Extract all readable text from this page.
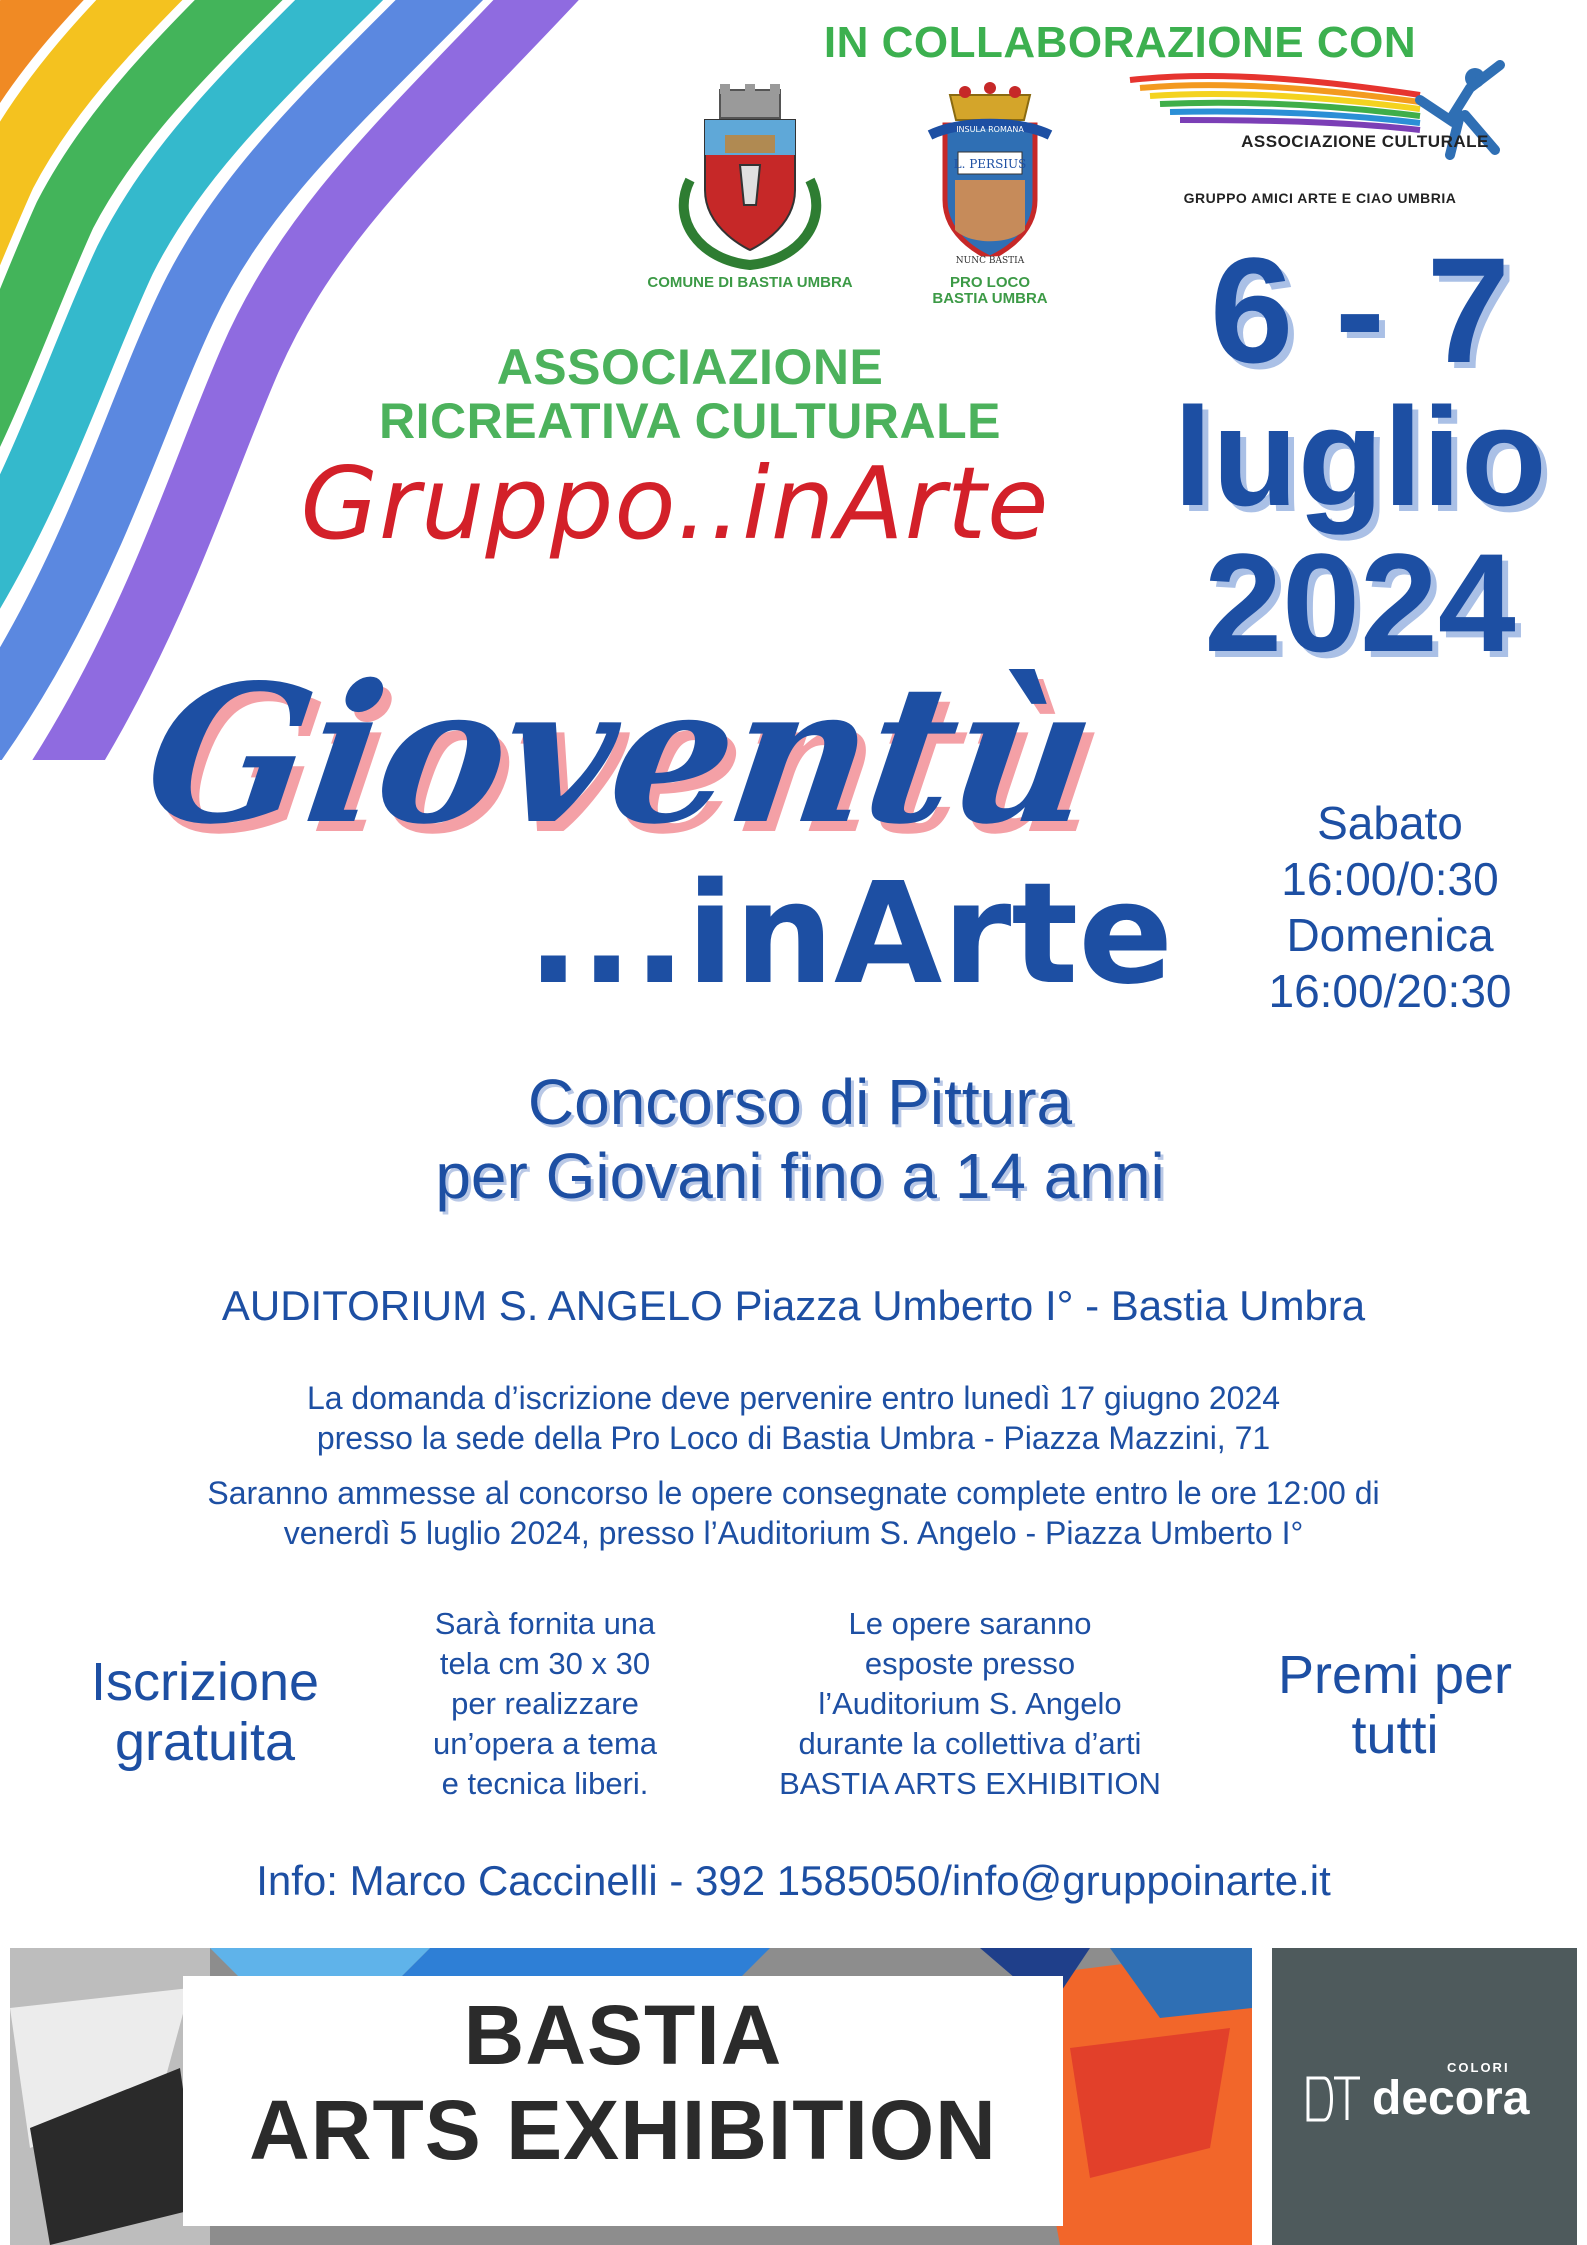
IN COLLABORAZIONE CON
COMUNE DI BASTIA UMBRA
L. PERSIUS
INSULA ROMANA
NUNC BASTIA
PRO LOCO
BASTIA UMBRA
ASSOCIAZIONE CULTURALE
GRUPPO AMICI ARTE E CIAO UMBRIA
6 - 7
luglio
2024
ASSOCIAZIONE
RICREATIVA CULTURALE
Gruppo..inArte
Gioventù
...inArte
Sabato
16:00/0:30
Domenica
16:00/20:30
Concorso di Pittura
per Giovani fino a 14 anni
AUDITORIUM S. ANGELO Piazza Umberto I° - Bastia Umbra
La domanda d’iscrizione deve pervenire entro lunedì 17 giugno 2024
presso la sede della Pro Loco di Bastia Umbra - Piazza Mazzini, 71
Saranno ammesse al concorso le opere consegnate complete entro le ore 12:00 di
venerdì 5 luglio 2024, presso l’Auditorium S. Angelo - Piazza Umberto I°
Iscrizione
gratuita
Sarà fornita una
tela cm 30 x 30
per realizzare
un’opera a tema
e tecnica liberi.
Le opere saranno
esposte presso
l’Auditorium S. Angelo
durante la collettiva d’arti
BASTIA ARTS EXHIBITION
Premi per
tutti
Info: Marco Caccinelli - 392 1585050/info@gruppoinarte.it
BASTIA
ARTS EXHIBITION
COLORI
decora
